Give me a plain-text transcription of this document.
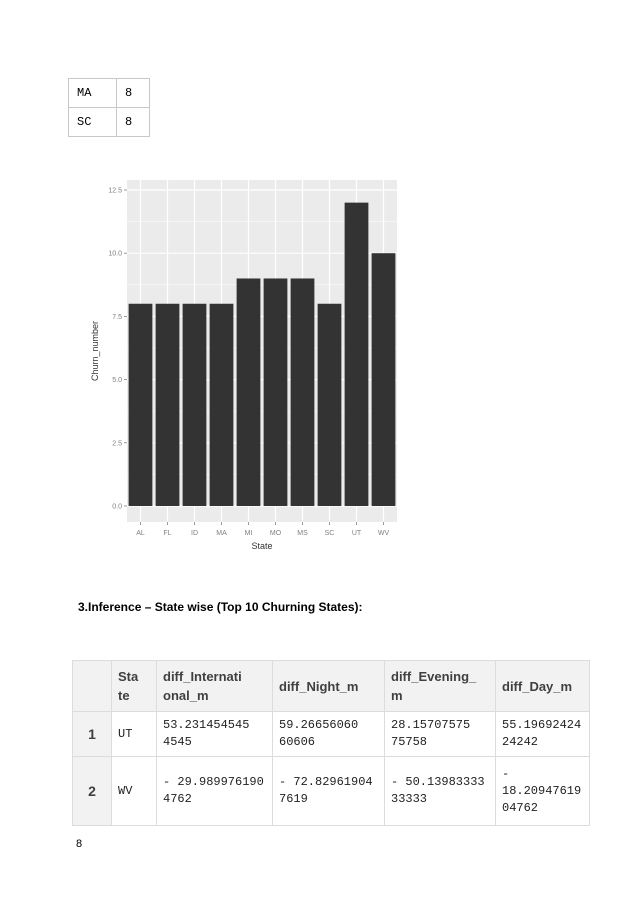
MA	8
SC	8
AL	FL	ID	MA	MI MO MS SC UT WV
0.0
2.5
5.0
7.5
10.0
12.5
State
Churn_number
3.Inference – State wise (Top 10 Churning States):
	Sta te	diff_Internati onal_m	diff_Night_m	diff_Evening_ m	diff_Day_m
1	UT	53.231454545 4545	59.26656060 60606	28.15707575 75758	55.19692424 24242
2	WV	- 29.989976190 4762	- 72.82961904 7619	- 50.13983333 33333	- 18.20947619 04762
8
